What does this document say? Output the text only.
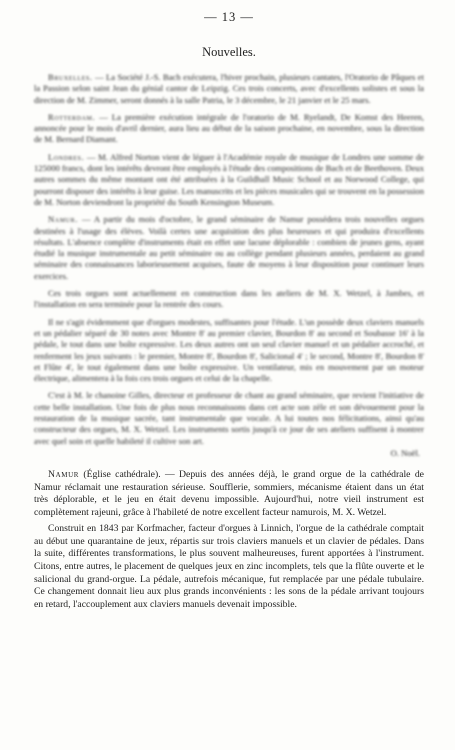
— 13 —
Nouvelles.

Bruxelles. — La Société J.-S. Bach exécutera, l'hiver prochain, plusieurs cantates, l'Oratorio de Pâques et la Passion selon saint Jean du génial cantor de Leipzig. Ces trois concerts, avec d'excellents solistes et sous la direction de M. Zimmer, seront donnés à la salle Patria, le 3 décembre, le 21 janvier et le 25 mars.

Rotterdam. — La première exécution intégrale de l'oratorio de M. Ryelandt, De Komst des Heeren, annoncée pour le mois d'avril dernier, aura lieu au début de la saison prochaine, en novembre, sous la direction de M. Bernard Diamant.

Londres. — M. Alfred Norton vient de léguer à l'Académie royale de musique de Londres une somme de 125000 francs, dont les intérêts devront être employés à l'étude des compositions de Bach et de Beethoven. Deux autres sommes du même montant ont été attribuées à la Guildhall Music School et au Norwood College, qui pourront disposer des intérêts à leur guise. Les manuscrits et les pièces musicales qui se trouvent en la possession de M. Norton deviendront la propriété du South Kensington Museum.

Namur. — A partir du mois d'octobre, le grand séminaire de Namur possédera trois nouvelles orgues destinées à l'usage des élèves. Voilà certes une acquisition des plus heureuses et qui produira d'excellents résultats. L'absence complète d'instruments était en effet une lacune déplorable : combien de jeunes gens, ayant étudié la musique instrumentale au petit séminaire ou au collège pendant plusieurs années, perdaient au grand séminaire des connaissances laborieusement acquises, faute de moyens à leur disposition pour continuer leurs exercices.

Ces trois orgues sont actuellement en construction dans les ateliers de M. X. Wetzel, à Jambes, et l'installation en sera terminée pour la rentrée des cours.

Il ne s'agit évidemment que d'orgues modestes, suffisantes pour l'étude. L'un possède deux claviers manuels et un pédalier séparé de 30 notes avec Montre 8' au premier clavier, Bourdon 8' au second et Soubasse 16' à la pédale, le tout dans une boîte expressive. Les deux autres ont un seul clavier manuel et un pédalier accroché, et renferment les jeux suivants : le premier, Montre 8', Bourdon 8', Salicional 4' ; le second, Montre 8', Bourdon 8' et Flûte 4', le tout également dans une boîte expressive. Un ventilateur, mis en mouvement par un moteur électrique, alimentera à la fois ces trois orgues et celui de la chapelle.

C'est à M. le chanoine Gilles, directeur et professeur de chant au grand séminaire, que revient l'initiative de cette belle installation. Une fois de plus nous reconnaissons dans cet acte son zèle et son dévouement pour la restauration de la musique sacrée, tant instrumentale que vocale. A lui toutes nos félicitations, ainsi qu'au constructeur des orgues, M. X. Wetzel. Les instruments sortis jusqu'à ce jour de ses ateliers suffisent à montrer avec quel soin et quelle habileté il cultive son art.

O. Noël.

Namur (Église cathédrale). — Depuis des années déjà, le grand orgue de la cathédrale de Namur réclamait une restauration sérieuse. Soufflerie, sommiers, mécanisme étaient dans un état très déplorable, et le jeu en était devenu impossible. Aujourd'hui, notre vieil instrument est complètement rajeuni, grâce à l'habileté de notre excellent facteur namurois, M. X. Wetzel.

Construit en 1843 par Korfmacher, facteur d'orgues à Linnich, l'orgue de la cathédrale comptait au début une quarantaine de jeux, répartis sur trois claviers manuels et un clavier de pédales. Dans la suite, différentes transformations, le plus souvent malheureuses, furent apportées à l'instrument. Citons, entre autres, le placement de quelques jeux en zinc incomplets, tels que la flûte ouverte et le salicional du grand-orgue. La pédale, autrefois mécanique, fut remplacée par une pédale tubulaire. Ce changement donnait lieu aux plus grands inconvénients : les sons de la pédale arrivant toujours en retard, l'accouplement aux claviers manuels devenait impossible.
